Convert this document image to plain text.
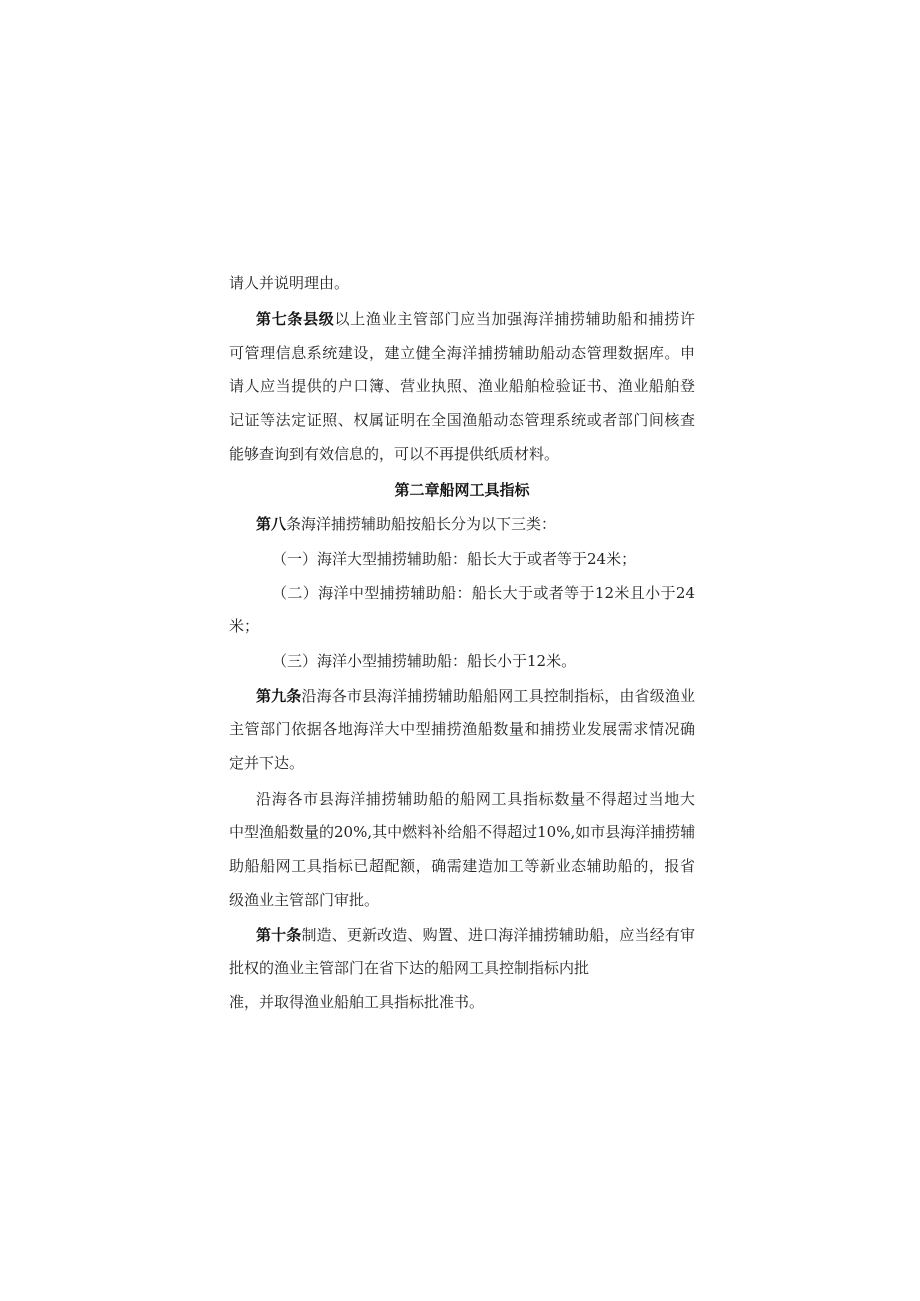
请人并说明理由。
第七条县级以上渔业主管部门应当加强海洋捕捞辅助船和捕捞许
可管理信息系统建设，建立健全海洋捕捞辅助船动态管理数据库。申
请人应当提供的户口簿、营业执照、渔业船舶检验证书、渔业船舶登
记证等法定证照、权属证明在全国渔船动态管理系统或者部门间核查
能够查询到有效信息的，可以不再提供纸质材料。
第二章船网工具指标
第八条海洋捕捞辅助船按船长分为以下三类：
（一）海洋大型捕捞辅助船：船长大于或者等于24米；
（二）海洋中型捕捞辅助船：船长大于或者等于12米且小于24
米；
（三）海洋小型捕捞辅助船：船长小于12米。
第九条沿海各市县海洋捕捞辅助船船网工具控制指标，由省级渔业
主管部门依据各地海洋大中型捕捞渔船数量和捕捞业发展需求情况确
定并下达。
沿海各市县海洋捕捞辅助船的船网工具指标数量不得超过当地大
中型渔船数量的20%,其中燃料补给船不得超过10%,如市县海洋捕捞辅
助船船网工具指标已超配额，确需建造加工等新业态辅助船的，报省
级渔业主管部门审批。
第十条制造、更新改造、购置、进口海洋捕捞辅助船，应当经有审
批权的渔业主管部门在省下达的船网工具控制指标内批
准，并取得渔业船舶工具指标批准书。
